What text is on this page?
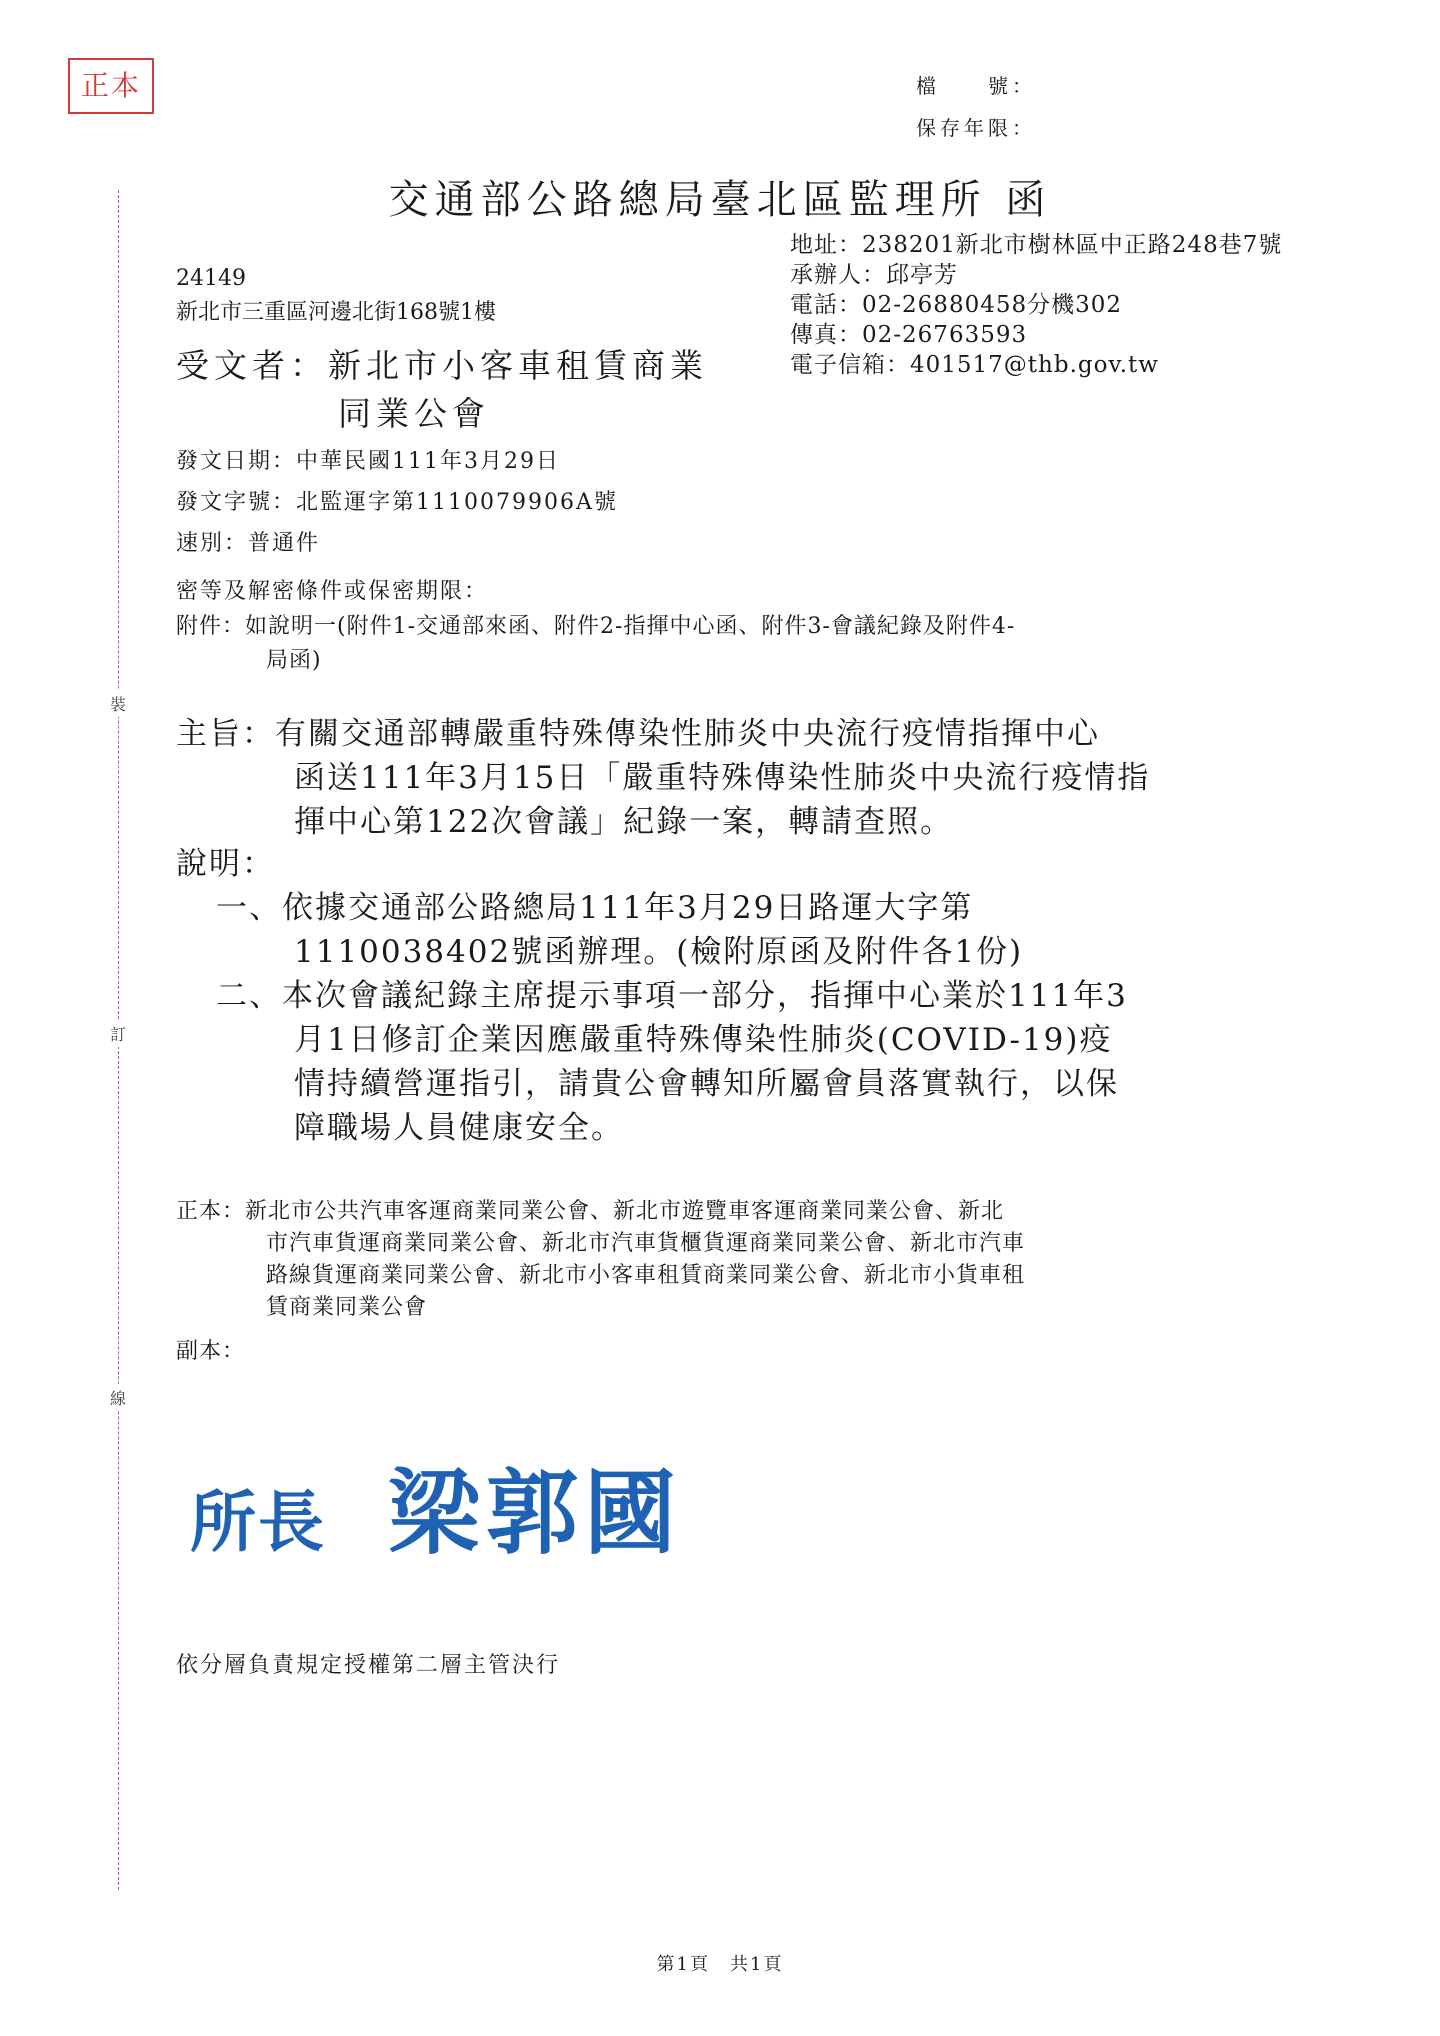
正本	檔　　號：
保存年限：
交通部公路總局臺北區監理所 函
地址：238201新北市樹林區中正路248巷7號
承辦人：邱亭芳
電話：02-26880458分機302
傳真：02-26763593
電子信箱：401517@thb.gov.tw
24149
新北市三重區河邊北街168號1樓
受文者：新北市小客車租賃商業
同業公會
發文日期：中華民國111年3月29日
發文字號：北監運字第1110079906A號
速別：普通件
密等及解密條件或保密期限：
附件：如說明一(附件1-交通部來函、附件2-指揮中心函、附件3-會議紀錄及附件4-
局函)
主旨：有關交通部轉嚴重特殊傳染性肺炎中央流行疫情指揮中心
函送111年3月15日「嚴重特殊傳染性肺炎中央流行疫情指
揮中心第122次會議」紀錄一案，轉請查照。
說明：
一、依據交通部公路總局111年3月29日路運大字第
1110038402號函辦理。(檢附原函及附件各1份)
二、本次會議紀錄主席提示事項一部分，指揮中心業於111年3
月1日修訂企業因應嚴重特殊傳染性肺炎(COVID-19)疫
情持續營運指引，請貴公會轉知所屬會員落實執行，以保
障職場人員健康安全。
正本：新北市公共汽車客運商業同業公會、新北市遊覽車客運商業同業公會、新北
市汽車貨運商業同業公會、新北市汽車貨櫃貨運商業同業公會、新北市汽車
路線貨運商業同業公會、新北市小客車租賃商業同業公會、新北市小貨車租
賃商業同業公會
副本：
裝
訂
線
所長 梁郭國
依分層負責規定授權第二層主管決行
第1頁　共1頁
